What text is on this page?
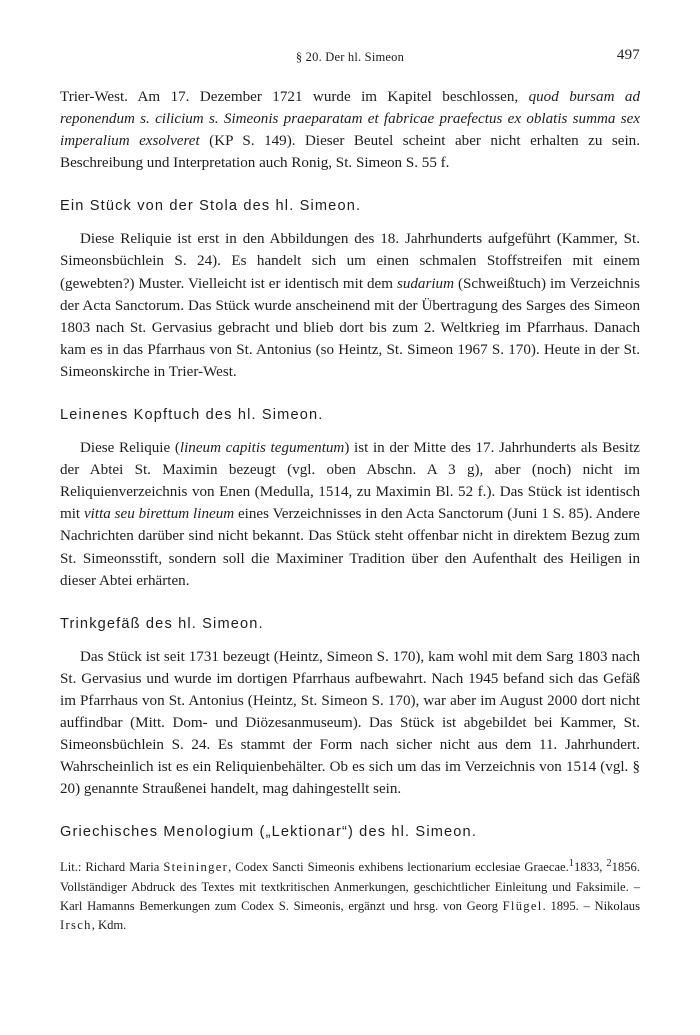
§ 20. Der hl. Simeon	497

Trier-West. Am 17. Dezember 1721 wurde im Kapitel beschlossen, quod bursam ad reponendum s. cilicium s. Simeonis praeparatam et fabricae praefectus ex oblatis summa sex imperalium exsolveret (KP S. 149). Dieser Beutel scheint aber nicht erhalten zu sein. Beschreibung und Interpretation auch Ronig, St. Simeon S. 55 f.

Ein Stück von der Stola des hl. Simeon.

Diese Reliquie ist erst in den Abbildungen des 18. Jahrhunderts aufgeführt (Kammer, St. Simeonsbüchlein S. 24). Es handelt sich um einen schmalen Stoffstreifen mit einem (gewebten?) Muster. Vielleicht ist er identisch mit dem sudarium (Schweißtuch) im Verzeichnis der Acta Sanctorum. Das Stück wurde anscheinend mit der Übertragung des Sarges des Simeon 1803 nach St. Gervasius gebracht und blieb dort bis zum 2. Weltkrieg im Pfarrhaus. Danach kam es in das Pfarrhaus von St. Antonius (so Heintz, St. Simeon 1967 S. 170). Heute in der St. Simeonskirche in Trier-West.

Leinenes Kopftuch des hl. Simeon.

Diese Reliquie (lineum capitis tegumentum) ist in der Mitte des 17. Jahrhunderts als Besitz der Abtei St. Maximin bezeugt (vgl. oben Abschn. A 3 g), aber (noch) nicht im Reliquienverzeichnis von Enen (Medulla, 1514, zu Maximin Bl. 52 f.). Das Stück ist identisch mit vitta seu birettum lineum eines Verzeichnisses in den Acta Sanctorum (Juni 1 S. 85). Andere Nachrichten darüber sind nicht bekannt. Das Stück steht offenbar nicht in direktem Bezug zum St. Simeonsstift, sondern soll die Maximiner Tradition über den Aufenthalt des Heiligen in dieser Abtei erhärten.

Trinkgefäß des hl. Simeon.

Das Stück ist seit 1731 bezeugt (Heintz, Simeon S. 170), kam wohl mit dem Sarg 1803 nach St. Gervasius und wurde im dortigen Pfarrhaus aufbewahrt. Nach 1945 befand sich das Gefäß im Pfarrhaus von St. Antonius (Heintz, St. Simeon S. 170), war aber im August 2000 dort nicht auffindbar (Mitt. Dom- und Diözesanmuseum). Das Stück ist abgebildet bei Kammer, St. Simeonsbüchlein S. 24. Es stammt der Form nach sicher nicht aus dem 11. Jahrhundert. Wahrscheinlich ist es ein Reliquienbehälter. Ob es sich um das im Verzeichnis von 1514 (vgl. § 20) genannte Straußenei handelt, mag dahingestellt sein.

Griechisches Menologium („Lektionar“) des hl. Simeon.

Lit.: Richard Maria Steininger, Codex Sancti Simeonis exhibens lectionarium ecclesiae Graecae.$^1$1833, $^2$1856. Vollständiger Abdruck des Textes mit textkritischen Anmerkungen, geschichtlicher Einleitung und Faksimile. – Karl Hamanns Bemerkungen zum Codex S. Simeonis, ergänzt und hrsg. von Georg Flügel. 1895. – Nikolaus Irsch, Kdm.
